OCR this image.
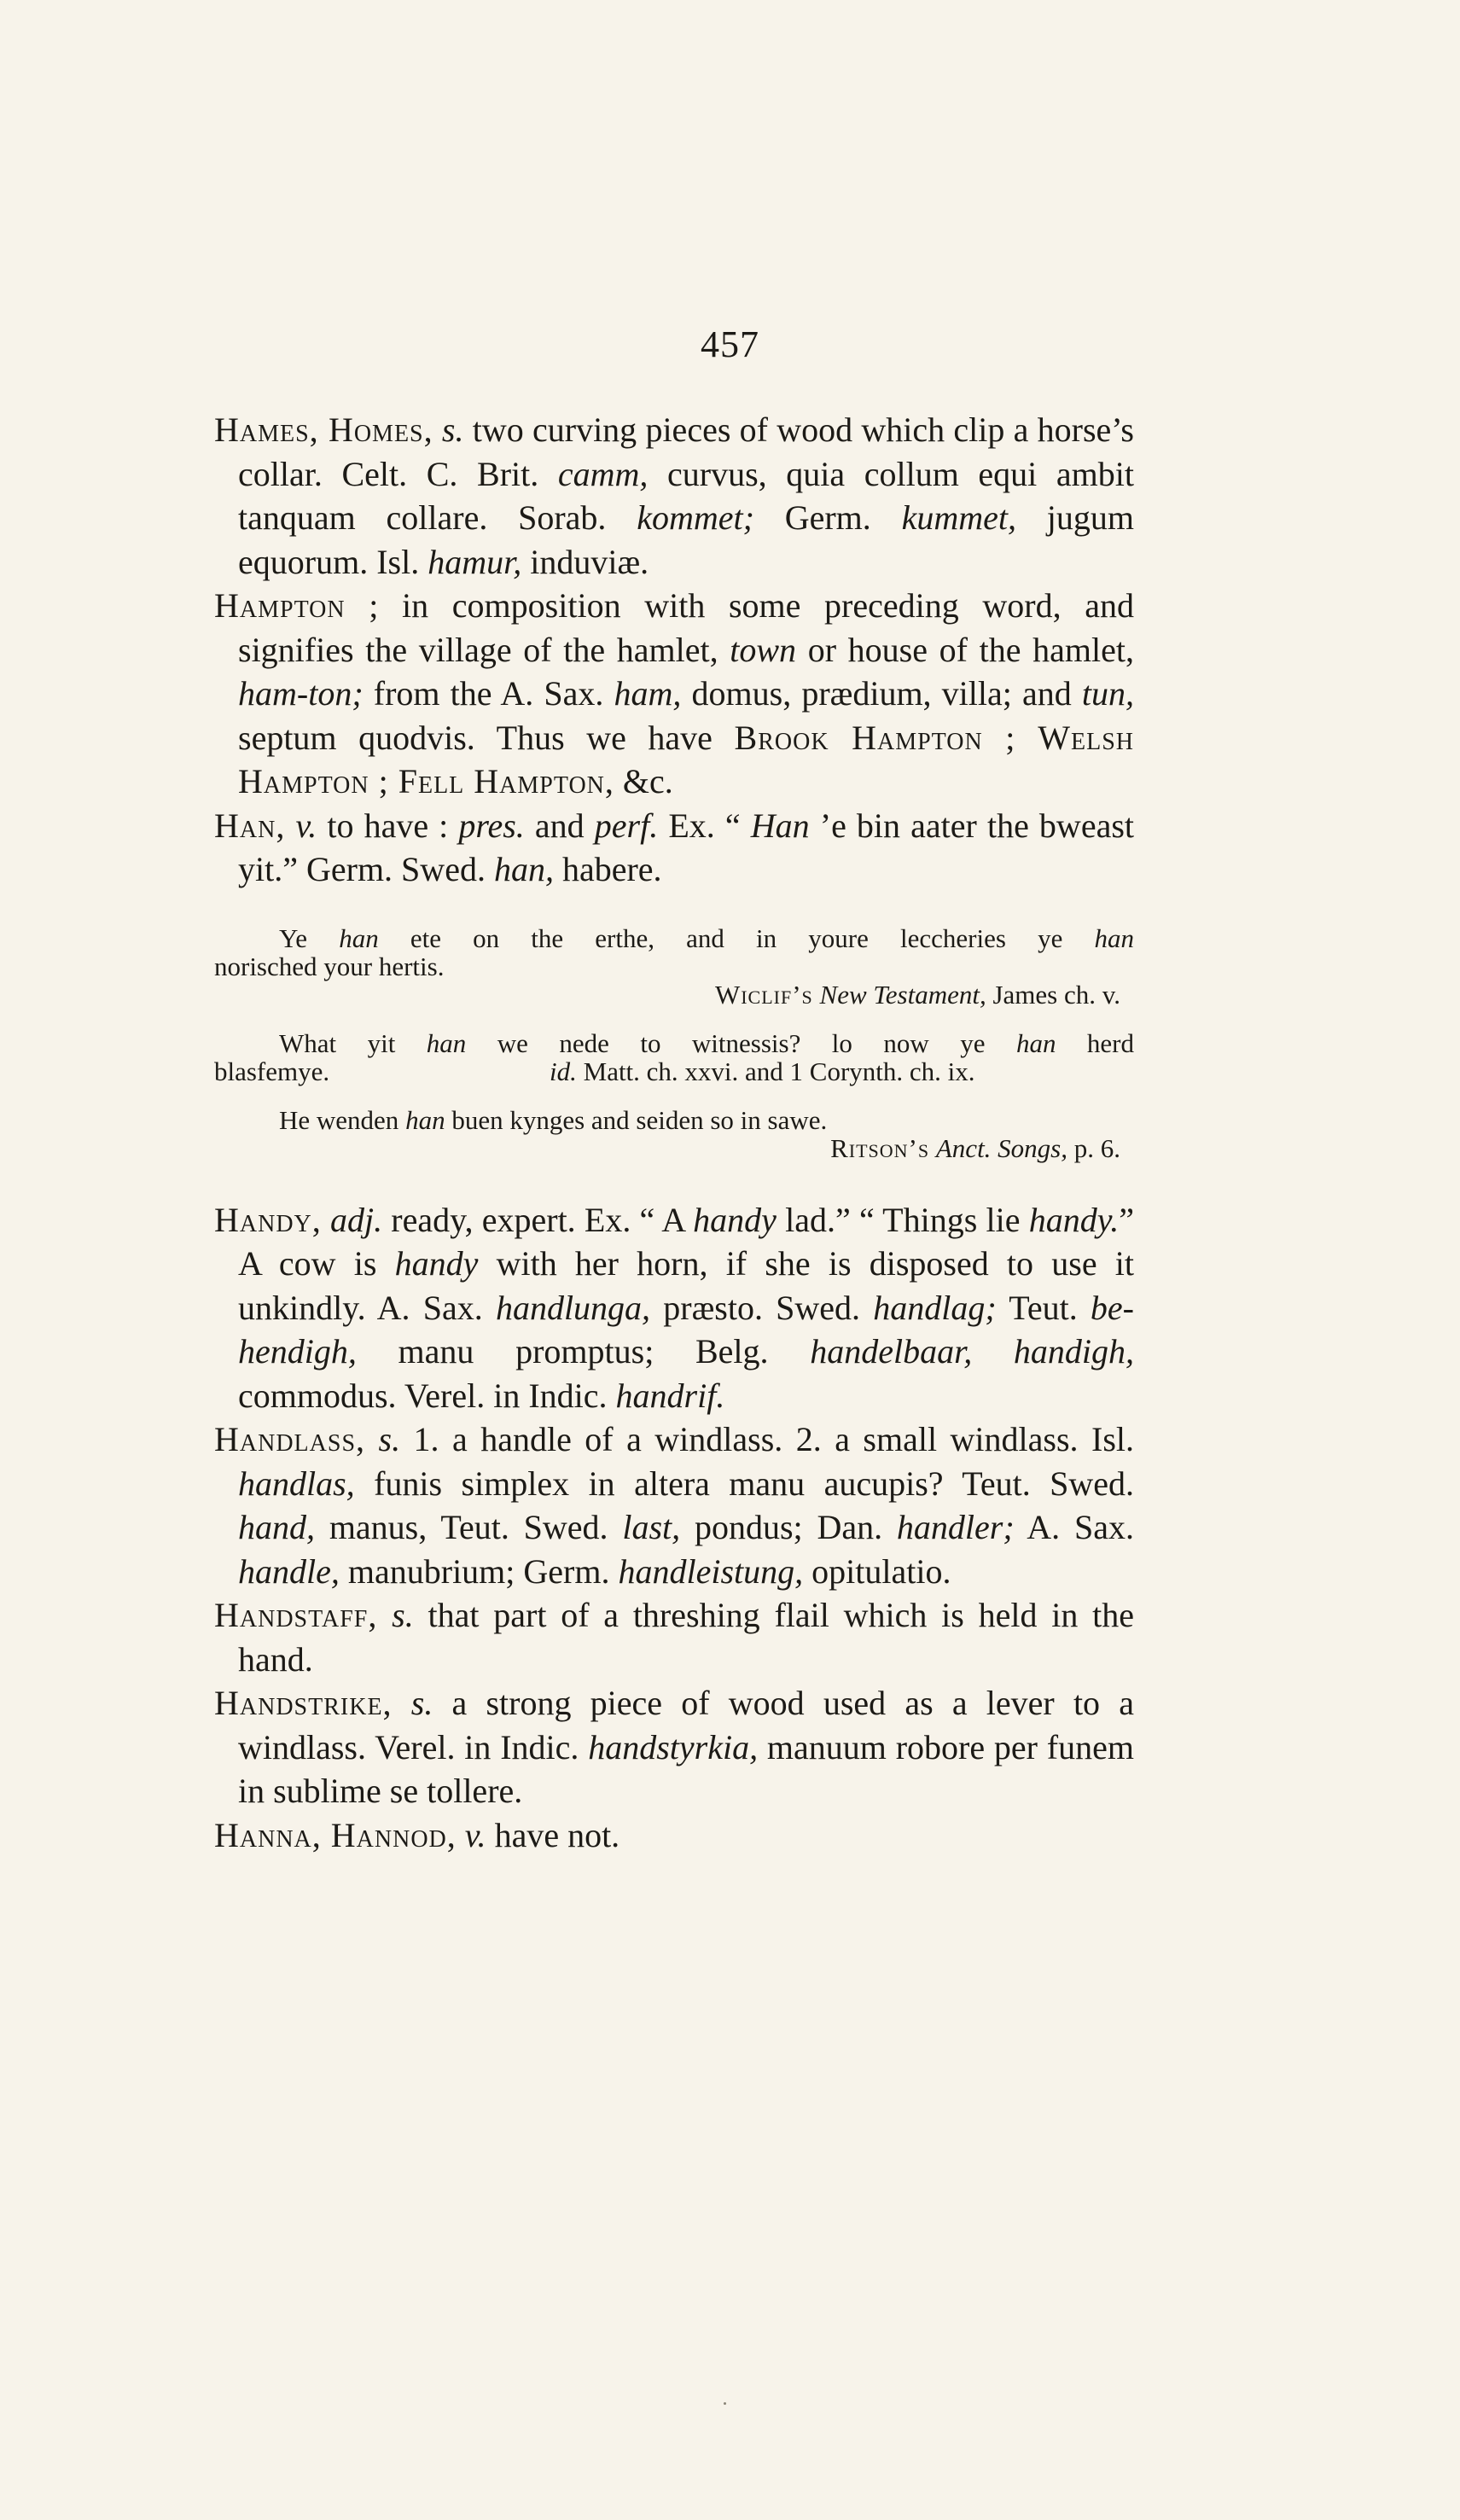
457

Hames, Homes, s. two curving pieces of wood which clip a horse’s collar. Celt. C. Brit. camm, curvus, quia collum equi ambit tanquam collare. Sorab. kommet; Germ. kummet, jugum equorum. Isl. hamur, induviæ.

Hampton ; in composition with some preceding word, and signifies the village of the hamlet, town or house of the hamlet, ham-ton; from the A. Sax. ham, domus, prædium, villa; and tun, septum quodvis. Thus we have Brook Hampton ; Welsh Hampton ; Fell Hampton, &c.

Han, v. to have : pres. and perf. Ex. “ Han ’e bin aater the bweast yit.” Germ. Swed. han, habere.

Ye han ete on the erthe, and in youre leccheries ye han
norisched your hertis.
Wiclif’s New Testament, James ch. v.
What yit han we nede to witnessis? lo now ye han herd
blasfemye.	id. Matt. ch. xxvi. and 1 Corynth. ch. ix.
He wenden han buen kynges and seiden so in sawe.
Ritson’s Anct. Songs, p. 6.

Handy, adj. ready, expert. Ex. “ A handy lad.” “ Things lie handy.” A cow is handy with her horn, if she is disposed to use it unkindly. A. Sax. handlunga, præsto. Swed. handlag; Teut. be-hendigh, manu promptus; Belg. handelbaar, handigh, commodus. Verel. in Indic. handrif.

Handlass, s. 1. a handle of a windlass. 2. a small windlass. Isl. handlas, funis simplex in altera manu aucupis? Teut. Swed. hand, manus, Teut. Swed. last, pondus; Dan. handler; A. Sax. handle, manubrium; Germ. handleistung, opitulatio.

Handstaff, s. that part of a threshing flail which is held in the hand.

Handstrike, s. a strong piece of wood used as a lever to a windlass. Verel. in Indic. handstyrkia, manuum robore per funem in sublime se tollere.

Hanna, Hannod, v. have not.
